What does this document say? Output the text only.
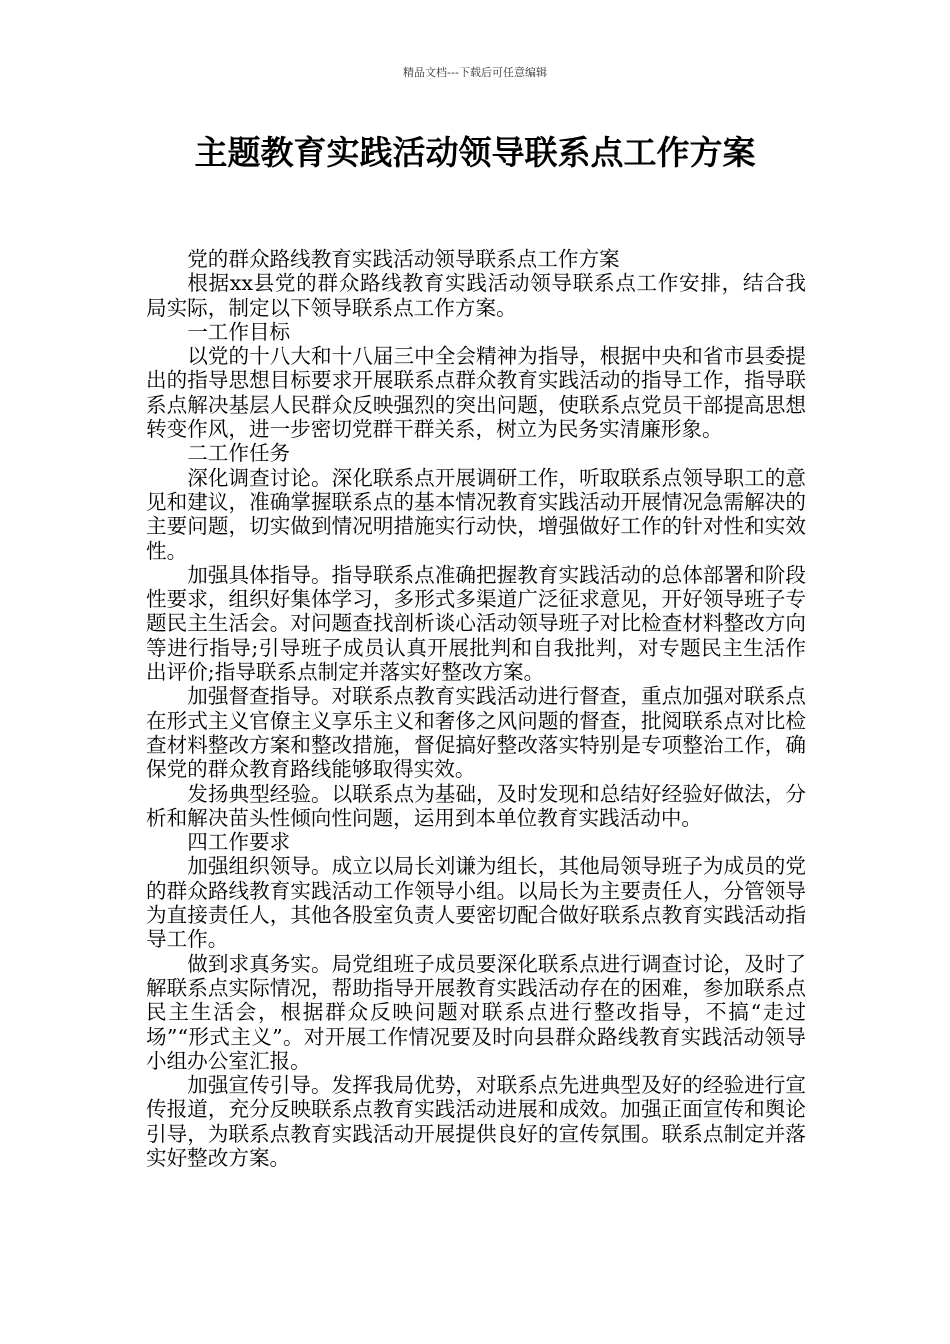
精品文档---下载后可任意编辑
主题教育实践活动领导联系点工作方案

党的群众路线教育实践活动领导联系点工作方案

根据xx县党的群众路线教育实践活动领导联系点工作安排，结合我局实际，制定以下领导联系点工作方案。

一工作目标

以党的十八大和十八届三中全会精神为指导，根据中央和省市县委提出的指导思想目标要求开展联系点群众教育实践活动的指导工作，指导联系点解决基层人民群众反映强烈的突出问题，使联系点党员干部提高思想转变作风，进一步密切党群干群关系，树立为民务实清廉形象。

二工作任务

深化调查讨论。深化联系点开展调研工作，听取联系点领导职工的意见和建议，准确掌握联系点的基本情况教育实践活动开展情况急需解决的主要问题，切实做到情况明措施实行动快，增强做好工作的针对性和实效性。

加强具体指导。指导联系点准确把握教育实践活动的总体部署和阶段性要求，组织好集体学习，多形式多渠道广泛征求意见，开好领导班子专题民主生活会。对问题查找剖析谈心活动领导班子对比检查材料整改方向等进行指导;引导班子成员认真开展批判和自我批判，对专题民主生活作出评价;指导联系点制定并落实好整改方案。

加强督查指导。对联系点教育实践活动进行督查，重点加强对联系点在形式主义官僚主义享乐主义和奢侈之风问题的督查，批阅联系点对比检查材料整改方案和整改措施，督促搞好整改落实特别是专项整治工作，确保党的群众教育路线能够取得实效。

发扬典型经验。以联系点为基础，及时发现和总结好经验好做法，分析和解决苗头性倾向性问题，运用到本单位教育实践活动中。

四工作要求

加强组织领导。成立以局长刘谦为组长，其他局领导班子为成员的党的群众路线教育实践活动工作领导小组。以局长为主要责任人，分管领导为直接责任人，其他各股室负责人要密切配合做好联系点教育实践活动指导工作。

做到求真务实。局党组班子成员要深化联系点进行调查讨论，及时了解联系点实际情况，帮助指导开展教育实践活动存在的困难，参加联系点民主生活会，根据群众反映问题对联系点进行整改指导，不搞“走过场”“形式主义”。对开展工作情况要及时向县群众路线教育实践活动领导小组办公室汇报。

加强宣传引导。发挥我局优势，对联系点先进典型及好的经验进行宣传报道，充分反映联系点教育实践活动进展和成效。加强正面宣传和舆论引导，为联系点教育实践活动开展提供良好的宣传氛围。联系点制定并落实好整改方案。
